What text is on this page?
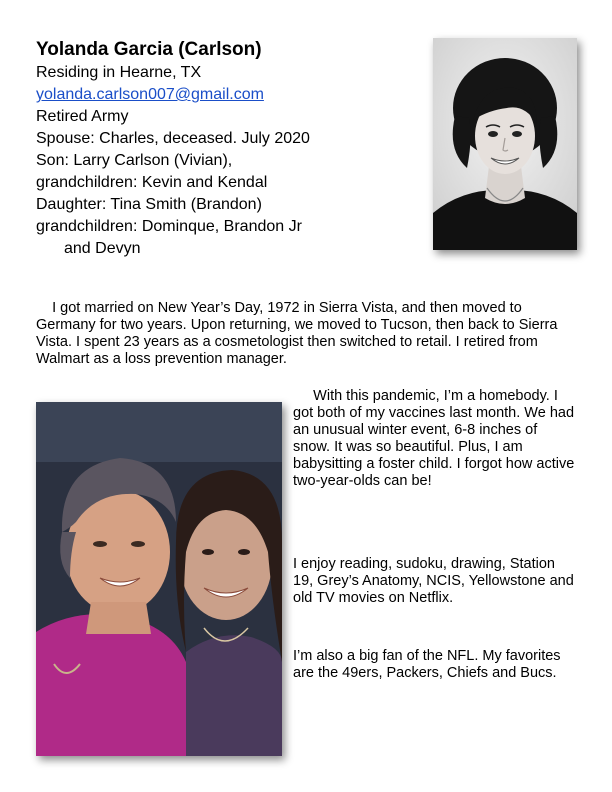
Yolanda Garcia (Carlson)
Residing in Hearne, TX
yolanda.carlson007@gmail.com
Retired Army
Spouse: Charles, deceased. July 2020
Son: Larry Carlson (Vivian),
grandchildren: Kevin and Kendal
Daughter: Tina Smith (Brandon)
grandchildren: Dominque, Brandon Jr
and Devyn
I got married on New Year’s Day, 1972 in Sierra Vista, and then moved to Germany for two years. Upon returning, we moved to Tucson, then back to Sierra Vista. I spent 23 years as a cosmetologist then switched to retail. I retired from Walmart as a loss prevention manager.
With this pandemic, I’m a homebody. I got both of my vaccines last month. We had an unusual winter event, 6-8 inches of snow. It was so beautiful. Plus, I am babysitting a foster child. I forgot how active two-year-olds can be!
I enjoy reading, sudoku, drawing, Station 19, Grey’s Anatomy, NCIS, Yellowstone and old TV movies on Netflix.
I’m also a big fan of the NFL. My favorites are the 49ers, Packers, Chiefs and Bucs.
